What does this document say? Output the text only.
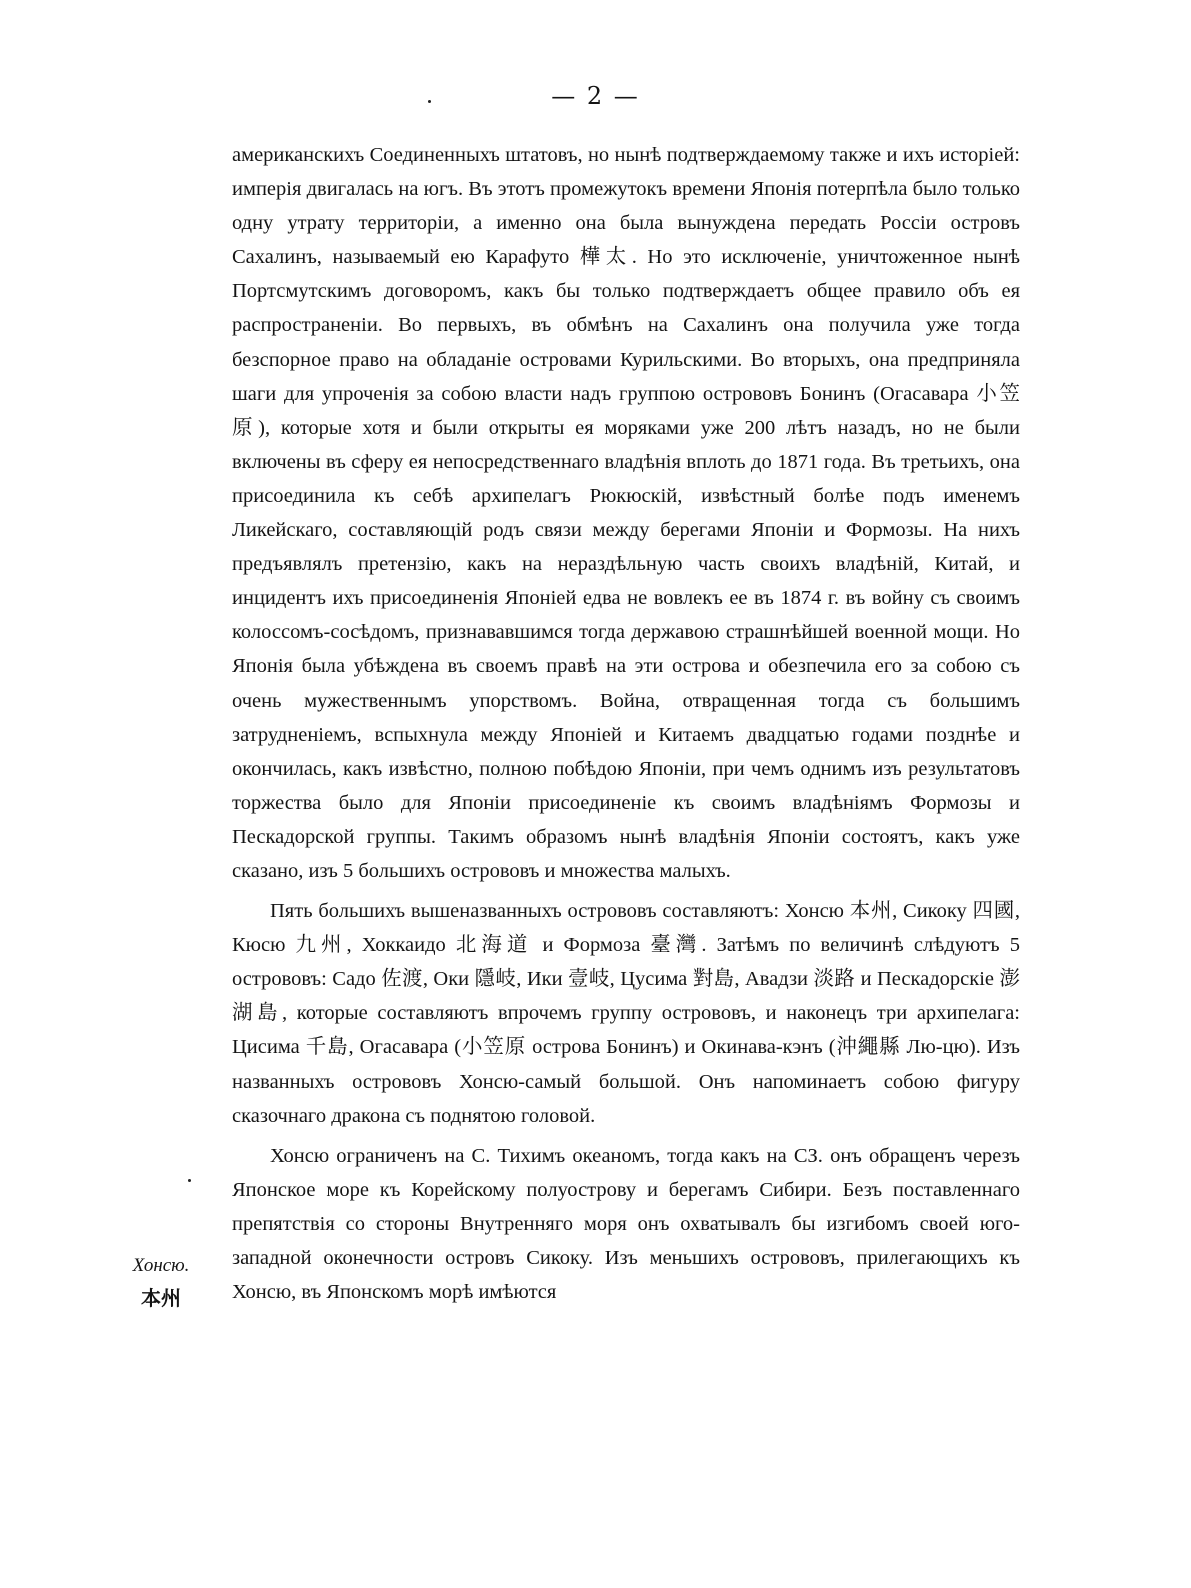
— 2 —

американскихъ Соединенныхъ штатовъ, но нынѣ подтверждаемому также и ихъ исторіей: имперія двигалась на югъ. Въ этотъ промежутокъ времени Японія потерпѣла было только одну утрату территоріи, а именно она была вынуждена передать Россіи островъ Сахалинъ, называемый ею Карафуто 樺太. Но это исключеніе, уничтоженное нынѣ Портсмутскимъ договоромъ, какъ бы только подтверждаетъ общее правило объ ея распространеніи. Во первыхъ, въ обмѣнъ на Сахалинъ она получила уже тогда безспорное право на обладаніе островами Курильскими. Во вторыхъ, она предприняла шаги для упроченія за собою власти надъ группою острововъ Бонинъ (Огасавара 小笠原), которые хотя и были открыты ея моряками уже 200 лѣтъ назадъ, но не были включены въ сферу ея непосредственнаго владѣнія вплоть до 1871 года. Въ третьихъ, она присоединила къ себѣ архипелагъ Рюкюскій, извѣстный болѣе подъ именемъ Ликейскаго, составляющій родъ связи между берегами Японіи и Формозы. На нихъ предъявлялъ претензію, какъ на нераздѣльную часть своихъ владѣній, Китай, и инцидентъ ихъ присоединенія Японіей едва не вовлекъ ее въ 1874 г. въ войну съ своимъ колоссомъ-сосѣдомъ, признававшимся тогда державою страшнѣйшей военной мощи. Но Японія была убѣждена въ своемъ правѣ на эти острова и обезпечила его за собою съ очень мужественнымъ упорствомъ. Война, отвращенная тогда съ большимъ затрудненіемъ, вспыхнула между Японіей и Китаемъ двадцатью годами позднѣе и окончилась, какъ извѣстно, полною побѣдою Японіи, при чемъ однимъ изъ результатовъ торжества было для Японіи присоединеніе къ своимъ владѣніямъ Формозы и Пескадорской группы. Такимъ образомъ нынѣ владѣнія Японіи состоятъ, какъ уже сказано, изъ 5 большихъ острововъ и множества малыхъ.

Пять большихъ вышеназванныхъ острововъ составляютъ: Хонсю 本州, Сикоку 四國, Кюсю 九州, Хоккаидо 北海道 и Формоза 臺灣. Затѣмъ по величинѣ слѣдуютъ 5 острововъ: Садо 佐渡, Оки 隱岐, Ики 壹岐, Цусима 對島, Авадзи 淡路 и Пескадорскіе 澎湖島, которые составляютъ впрочемъ группу острововъ, и наконецъ три архипелага: Цисима 千島, Огасавара (小笠原 острова Бонинъ) и Окинава-кэнъ (沖繩縣 Лю-цю). Изъ названныхъ острововъ Хонсю-самый большой. Онъ напоминаетъ собою фигуру сказочнаго дракона съ поднятою головой.

Хонсю ограниченъ на С. Тихимъ океаномъ, тогда какъ на СЗ. онъ обращенъ черезъ Японское море къ Корейскому полуострову и берегамъ Сибири. Безъ поставленнаго препятствія со стороны Внутренняго моря онъ охватывалъ бы изгибомъ своей юго-западной оконечности островъ Сикоку. Изъ меньшихъ острововъ, прилегающихъ къ Хонсю, въ Японскомъ морѣ имѣются

Хонсю.
本州
